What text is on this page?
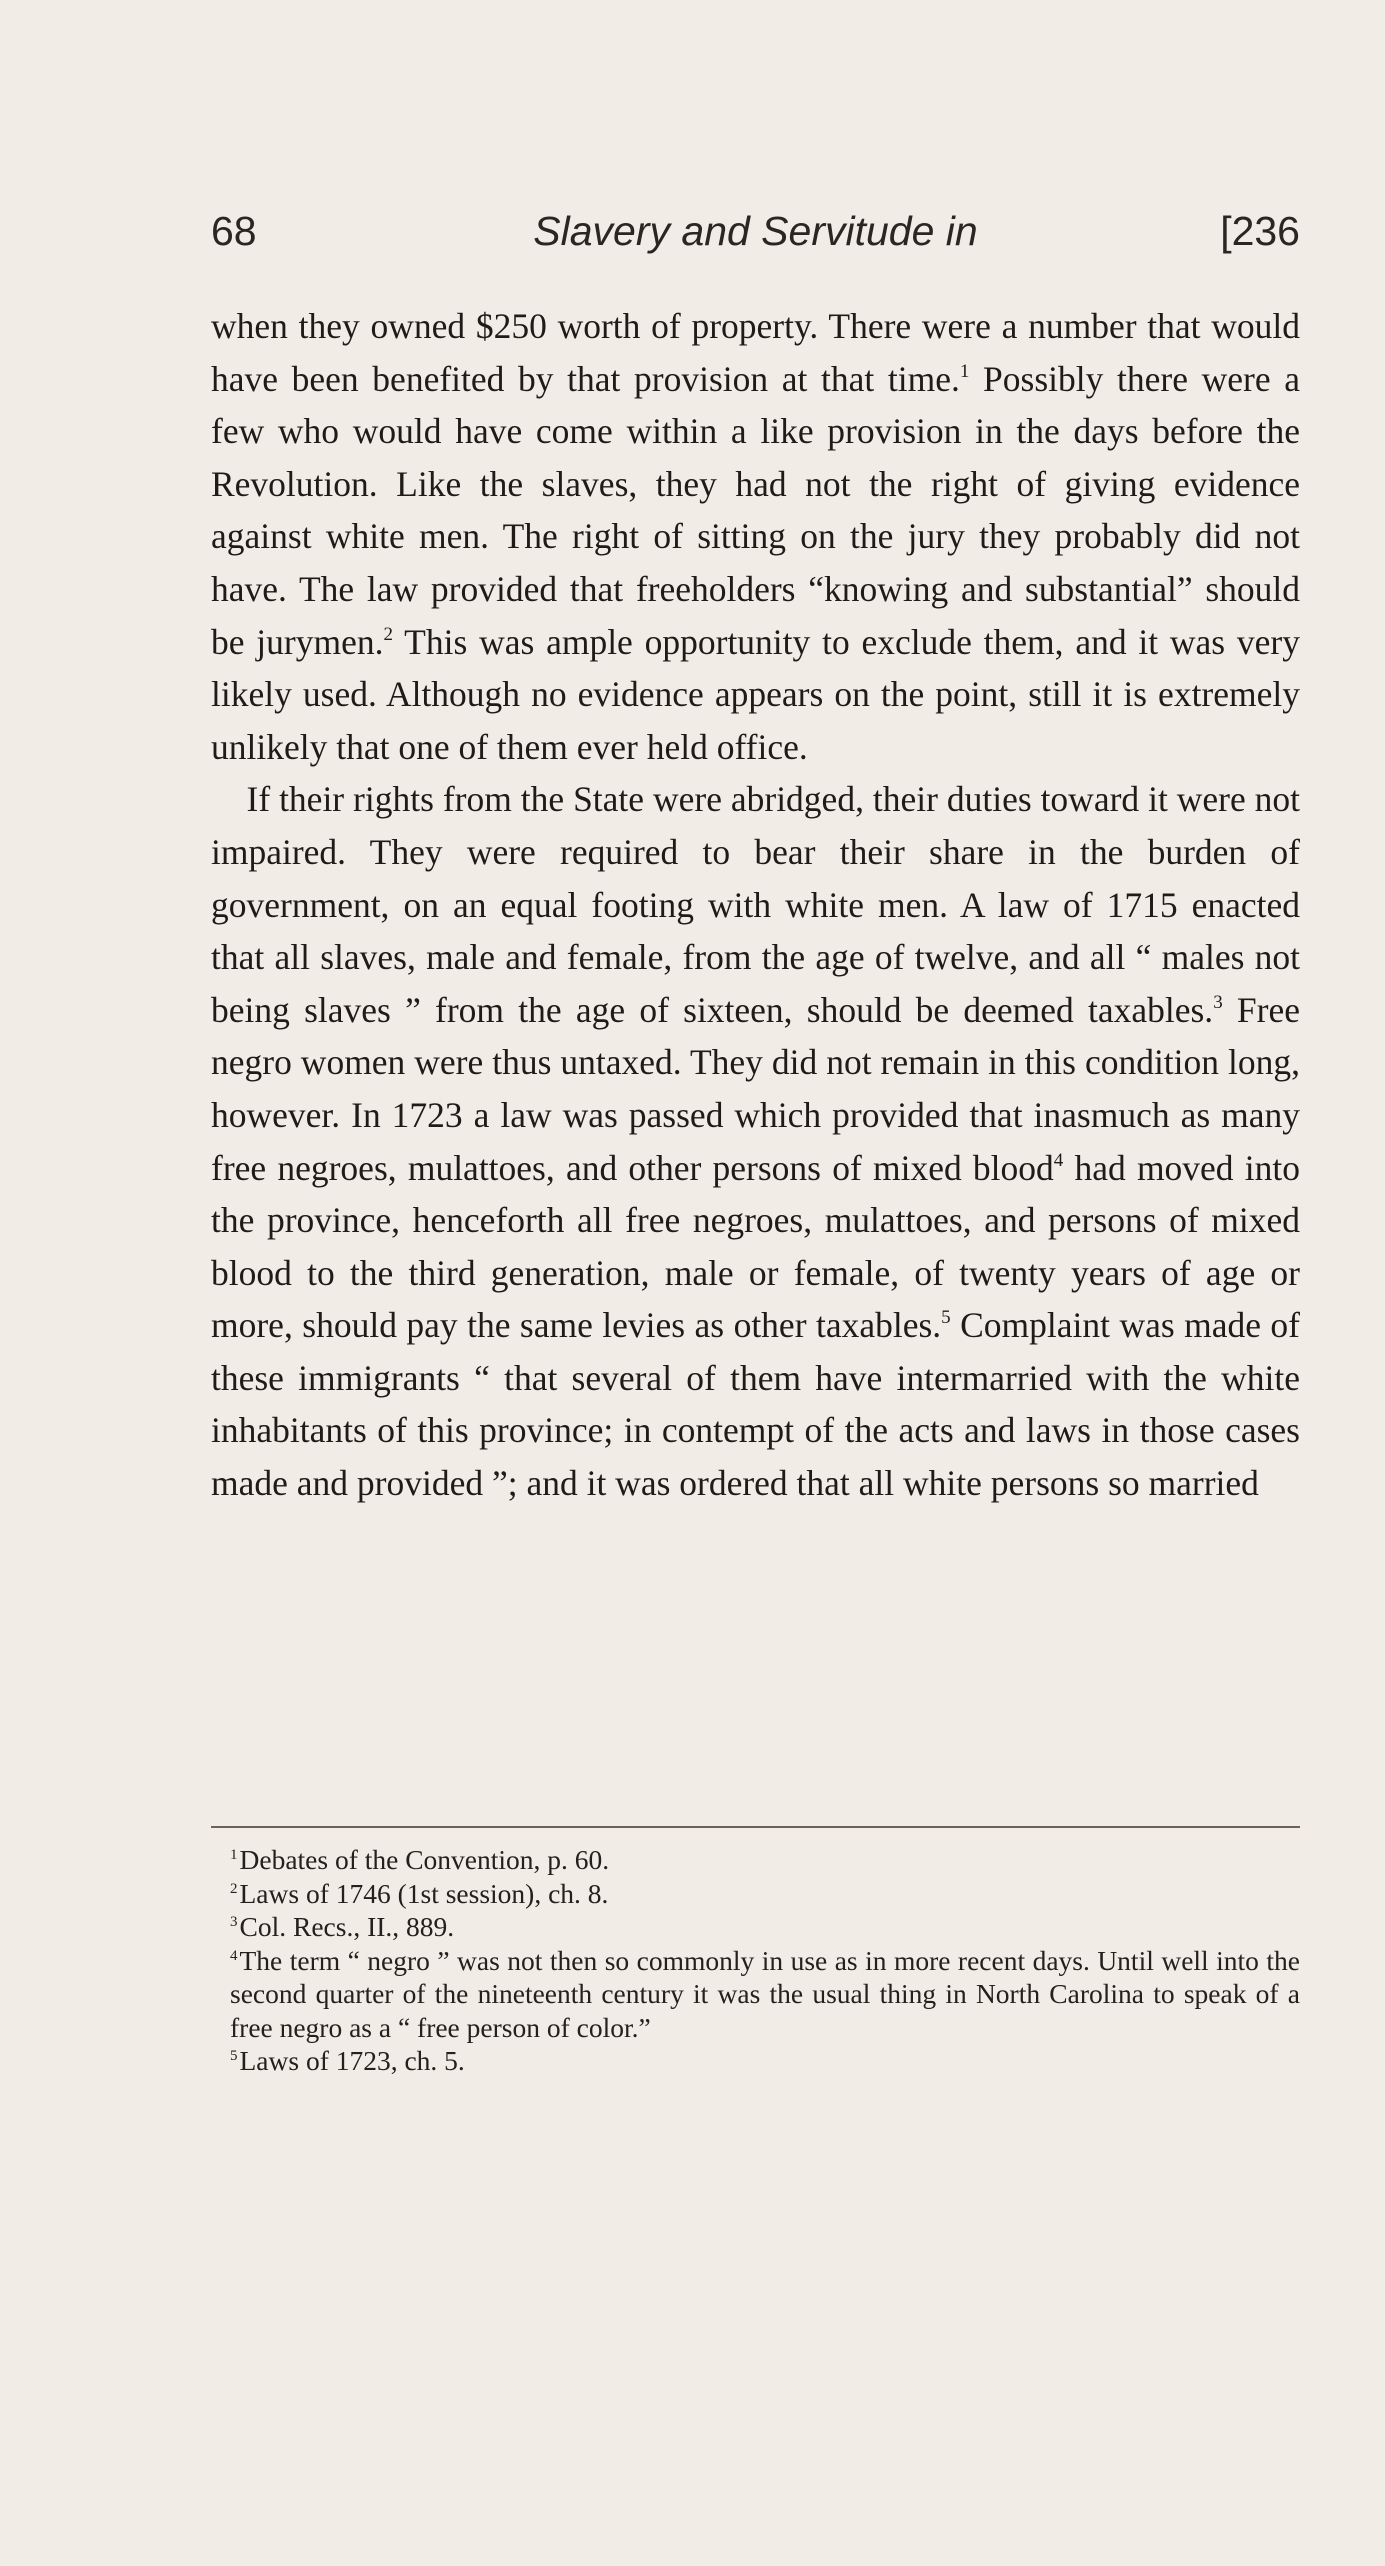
68	Slavery and Servitude in	[236

when they owned $250 worth of property. There were a number that would have been benefited by that provision at that time.$^1$ Possibly there were a few who would have come within a like provision in the days before the Revolution. Like the slaves, they had not the right of giving evidence against white men. The right of sitting on the jury they probably did not have. The law provided that freeholders “knowing and substantial” should be jurymen.$^2$ This was ample opportunity to exclude them, and it was very likely used. Although no evidence appears on the point, still it is extremely unlikely that one of them ever held office.

If their rights from the State were abridged, their duties toward it were not impaired. They were required to bear their share in the burden of government, on an equal footing with white men. A law of 1715 enacted that all slaves, male and female, from the age of twelve, and all “ males not being slaves ” from the age of sixteen, should be deemed taxables.$^3$ Free negro women were thus untaxed. They did not remain in this condition long, however. In 1723 a law was passed which provided that inasmuch as many free negroes, mulattoes, and other persons of mixed blood$^4$ had moved into the province, henceforth all free negroes, mulattoes, and persons of mixed blood to the third generation, male or female, of twenty years of age or more, should pay the same levies as other taxables.$^5$ Complaint was made of these immigrants “ that several of them have intermarried with the white inhabitants of this province; in contempt of the acts and laws in those cases made and provided ”; and it was ordered that all white persons so married

$^1$Debates of the Convention, p. 60.

$^2$Laws of 1746 (1st session), ch. 8.

$^3$Col. Recs., II., 889.

$^4$The term “ negro ” was not then so commonly in use as in more recent days. Until well into the second quarter of the nineteenth century it was the usual thing in North Carolina to speak of a free negro as a “ free person of color.”

$^5$Laws of 1723, ch. 5.
